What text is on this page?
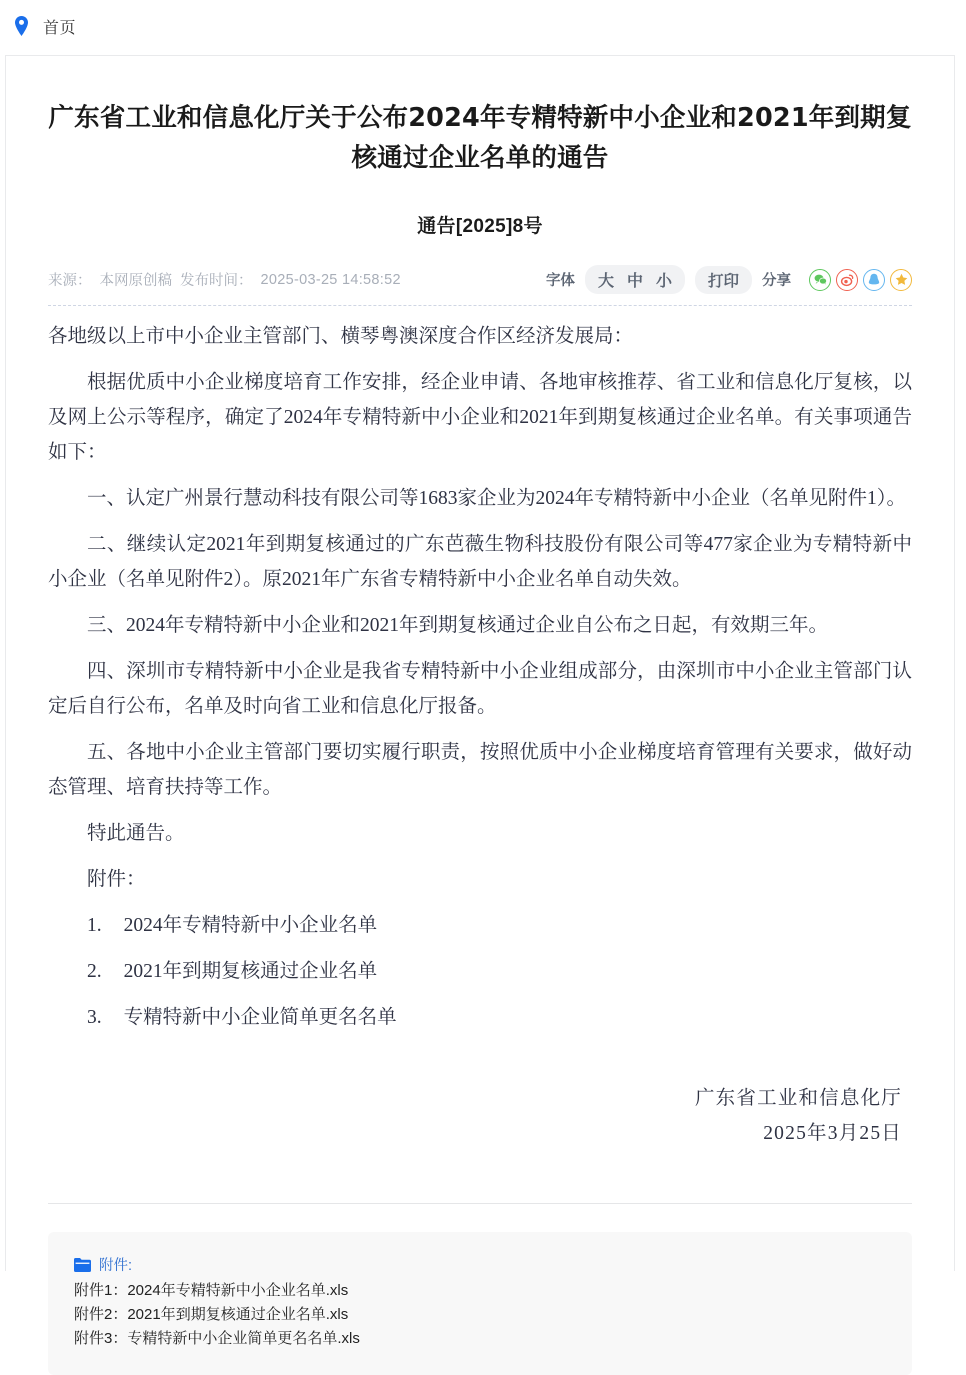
首页
广东省工业和信息化厅关于公布2024年专精特新中小企业和2021年到期复核通过企业名单的通告
通告[2025]8号
来源： 本网原创稿 发布时间： 2025-03-25 14:58:52	字体 大 中 小	打印	分享

各地级以上市中小企业主管部门、横琴粤澳深度合作区经济发展局：

根据优质中小企业梯度培育工作安排，经企业申请、各地审核推荐、省工业和信息化厅复核，以及网上公示等程序，确定了2024年专精特新中小企业和2021年到期复核通过企业名单。有关事项通告如下：

一、认定广州景行慧动科技有限公司等1683家企业为2024年专精特新中小企业（名单见附件1）。

二、继续认定2021年到期复核通过的广东芭薇生物科技股份有限公司等477家企业为专精特新中小企业（名单见附件2）。原2021年广东省专精特新中小企业名单自动失效。

三、2024年专精特新中小企业和2021年到期复核通过企业自公布之日起，有效期三年。

四、深圳市专精特新中小企业是我省专精特新中小企业组成部分，由深圳市中小企业主管部门认定后自行公布，名单及时向省工业和信息化厅报备。

五、各地中小企业主管部门要切实履行职责，按照优质中小企业梯度培育管理有关要求，做好动态管理、培育扶持等工作。

特此通告。

附件：

1. 2024年专精特新中小企业名单

2. 2021年到期复核通过企业名单

3. 专精特新中小企业简单更名名单

广东省工业和信息化厅
2025年3月25日
附件:
附件1：2024年专精特新中小企业名单.xls
附件2：2021年到期复核通过企业名单.xls
附件3：专精特新中小企业简单更名名单.xls
